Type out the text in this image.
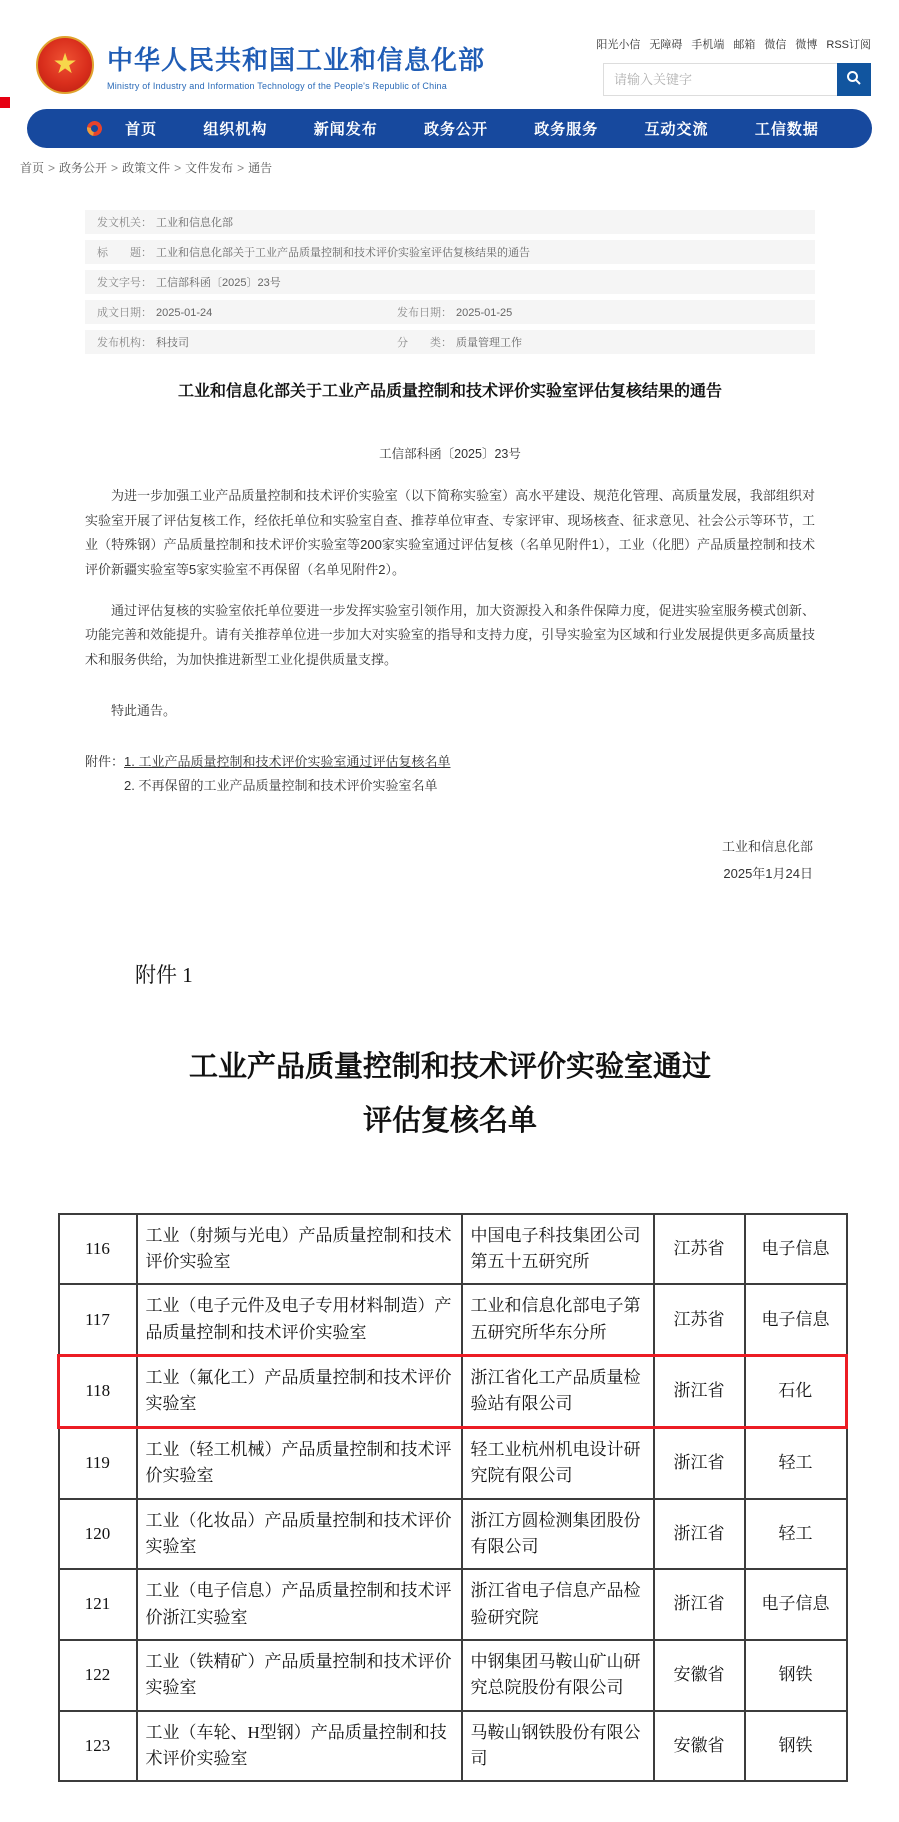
★ 中华人民共和国工业和信息化部
Ministry of Industry and Information Technology of the People's Republic of China
阳光小信 无障碍 手机端 邮箱 微信 微博 RSS订阅
请输入关键字
首页	组织机构	新闻发布	政务公开	政务服务	互动交流	工信数据
首页 > 政务公开 > 政策文件 > 文件发布 > 通告
发文机关： 工业和信息化部
标　　题： 工业和信息化部关于工业产品质量控制和技术评价实验室评估复核结果的通告
发文字号： 工信部科函〔2025〕23号
成文日期： 2025-01-24	发布日期： 2025-01-25
发布机构： 科技司	分　　类： 质量管理工作
工业和信息化部关于工业产品质量控制和技术评价实验室评估复核结果的通告
工信部科函〔2025〕23号

为进一步加强工业产品质量控制和技术评价实验室（以下简称实验室）高水平建设、规范化管理、高质量发展，我部组织对实验室开展了评估复核工作，经依托单位和实验室自查、推荐单位审查、专家评审、现场核查、征求意见、社会公示等环节，工业（特殊钢）产品质量控制和技术评价实验室等200家实验室通过评估复核（名单见附件1），工业（化肥）产品质量控制和技术评价新疆实验室等5家实验室不再保留（名单见附件2）。

通过评估复核的实验室依托单位要进一步发挥实验室引领作用，加大资源投入和条件保障力度，促进实验室服务模式创新、功能完善和效能提升。请有关推荐单位进一步加大对实验室的指导和支持力度，引导实验室为区域和行业发展提供更多高质量技术和服务供给，为加快推进新型工业化提供质量支撑。

特此通告。

附件： 1. 工业产品质量控制和技术评价实验室通过评估复核名单
2. 不再保留的工业产品质量控制和技术评价实验室名单
工业和信息化部
2025年1月24日
附件 1
工业产品质量控制和技术评价实验室通过
评估复核名单
116	工业（射频与光电）产品质量控制和技术评价实验室	中国电子科技集团公司第五十五研究所	江苏省	电子信息
117	工业（电子元件及电子专用材料制造）产品质量控制和技术评价实验室	工业和信息化部电子第五研究所华东分所	江苏省	电子信息
118	工业（氟化工）产品质量控制和技术评价实验室	浙江省化工产品质量检验站有限公司	浙江省	石化
119	工业（轻工机械）产品质量控制和技术评价实验室	轻工业杭州机电设计研究院有限公司	浙江省	轻工
120	工业（化妆品）产品质量控制和技术评价实验室	浙江方圆检测集团股份有限公司	浙江省	轻工
121	工业（电子信息）产品质量控制和技术评价浙江实验室	浙江省电子信息产品检验研究院	浙江省	电子信息
122	工业（铁精矿）产品质量控制和技术评价实验室	中钢集团马鞍山矿山研究总院股份有限公司	安徽省	钢铁
123	工业（车轮、H型钢）产品质量控制和技术评价实验室	马鞍山钢铁股份有限公司	安徽省	钢铁
